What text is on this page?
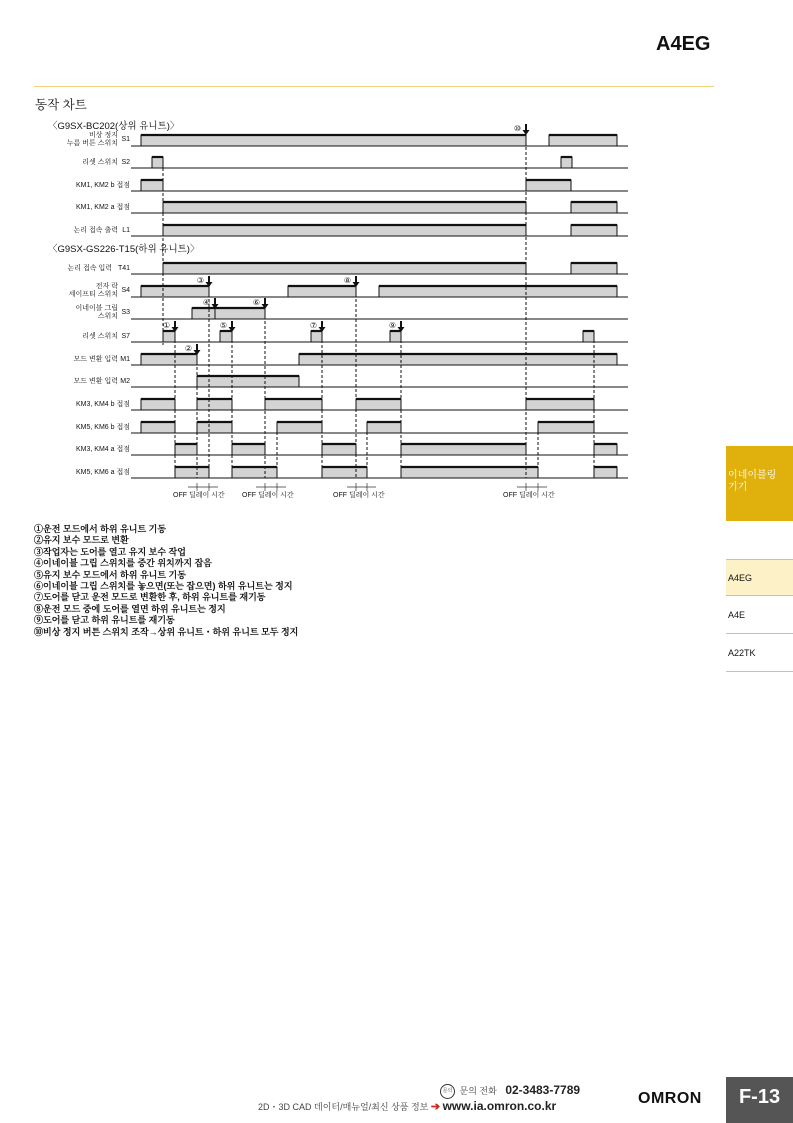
A4EG
동작 차트
〈G9SX-BC202(상위 유니트)〉
〈G9SX-GS226-T15(하위 유니트)〉
비상 정지
누름 버튼 스위치
S1
리셋 스위치 S2
KM1, KM2 b 접점
KM1, KM2 a 접점
논리 접속 출력 L1
논리 접속 입력 T41
전자 락
세이프티 스위치
S4
이네이블 그립
스위치
S3
리셋 스위치 S7
모드 변환 입력 M1
모드 변환 입력 M2
KM3, KM4 b 접점
KM5, KM6 b 접점
KM3, KM4 a 접점
KM5, KM6 a 접점
①
②
③
④
⑤
⑥
⑦
⑧
⑨
⑩
OFF 딜레이 시간 OFF 딜레이 시간	OFF 딜레이 시간	OFF 딜레이 시간
①운전 모드에서 하위 유니트 기동
②유지 보수 모드로 변환
③작업자는 도어를 열고 유지 보수 작업
④이네이블 그립 스위치를 중간 위치까지 잡음
⑤유지 보수 모드에서 하위 유니트 기동
⑥이네이블 그립 스위치를 놓으면(또는 잡으면) 하위 유니트는 정지
⑦도어를 닫고 운전 모드로 변환한 후, 하위 유니트를 재기동
⑧운전 모드 중에 도어를 열면 하위 유니트는 정지
⑨도어를 닫고 하위 유니트를 재기동
⑩비상 정지 버튼 스위치 조작→상위 유니트・하위 유니트 모두 정지
이네이블링
기기
A4EG
A4E
A22TK
문의 문의 전화 02-3483-7789
2D・3D CAD 데이터/매뉴얼/최신 상품 정보 ➔ www.ia.omron.co.kr	OMRON	F-13
